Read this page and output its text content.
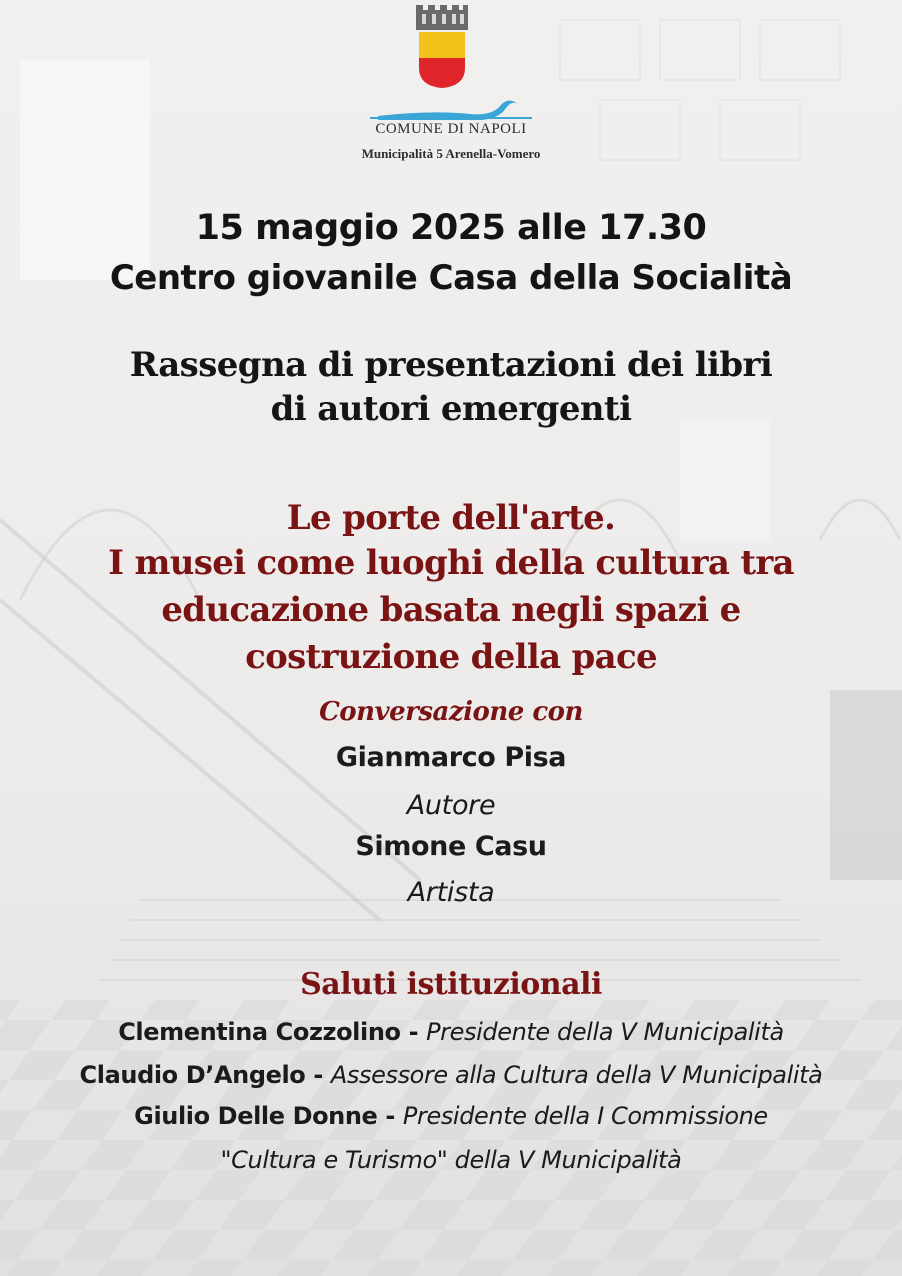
COMUNE DI NAPOLI
Municipalità 5 Arenella-Vomero
15 maggio 2025 alle 17.30
Centro giovanile Casa della Socialità
Rassegna di presentazioni dei libri
di autori emergenti
Le porte dell'arte.
I musei come luoghi della cultura tra
educazione basata negli spazi e
costruzione della pace
Conversazione con
Gianmarco Pisa
Autore
Simone Casu
Artista
Saluti istituzionali
Clementina Cozzolino - Presidente della V Municipalità
Claudio D’Angelo - Assessore alla Cultura della V Municipalità
Giulio Delle Donne - Presidente della I Commissione
"Cultura e Turismo" della V Municipalità
